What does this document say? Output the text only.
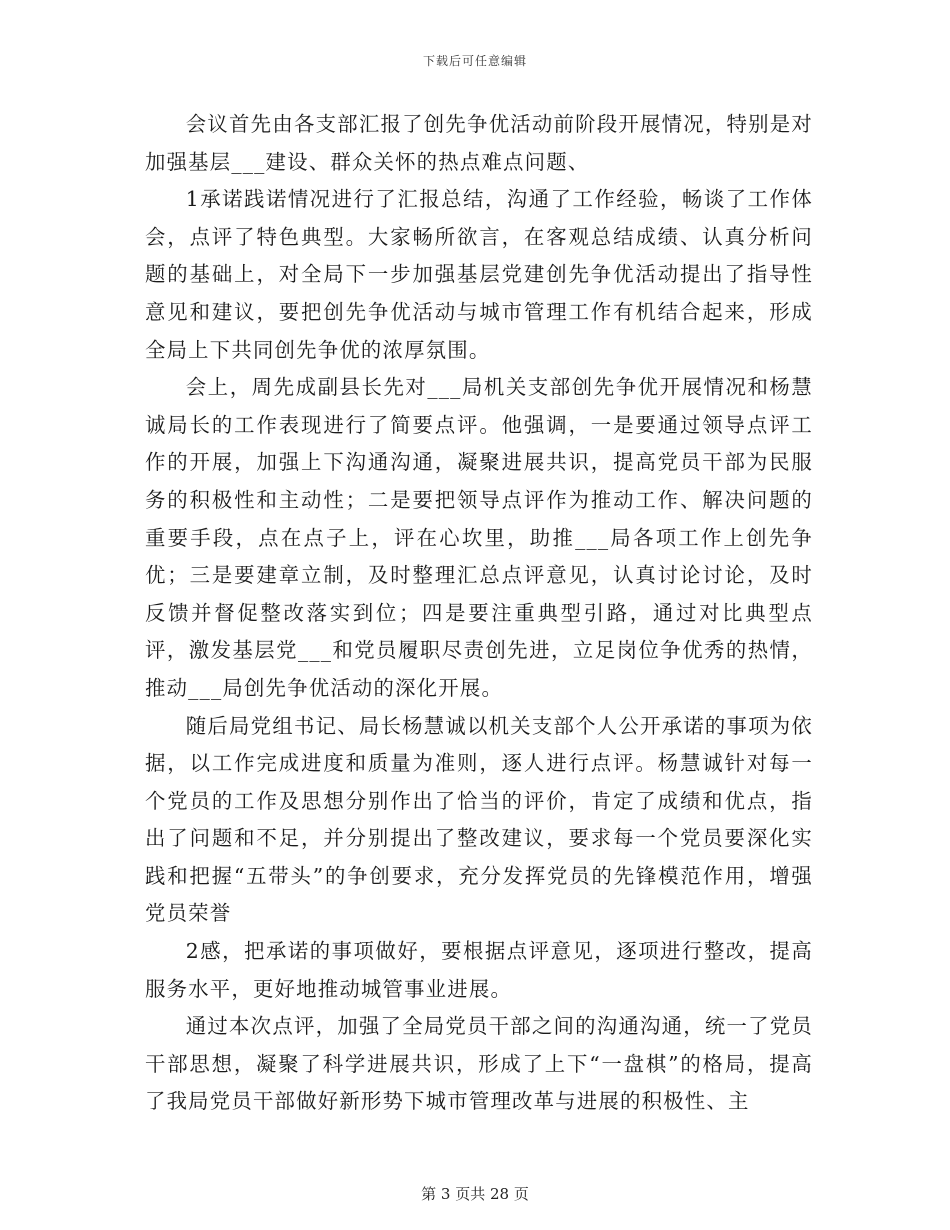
下载后可任意编辑

会议首先由各支部汇报了创先争优活动前阶段开展情况，特别是对加强基层___建设、群众关怀的热点难点问题、

1承诺践诺情况进行了汇报总结，沟通了工作经验，畅谈了工作体会，点评了特色典型。大家畅所欲言，在客观总结成绩、认真分析问题的基础上，对全局下一步加强基层党建创先争优活动提出了指导性意见和建议，要把创先争优活动与城市管理工作有机结合起来，形成全局上下共同创先争优的浓厚氛围。

会上，周先成副县长先对___局机关支部创先争优开展情况和杨慧诚局长的工作表现进行了简要点评。他强调，一是要通过领导点评工作的开展，加强上下沟通沟通，凝聚进展共识，提高党员干部为民服务的积极性和主动性；二是要把领导点评作为推动工作、解决问题的重要手段，点在点子上，评在心坎里，助推___局各项工作上创先争优；三是要建章立制，及时整理汇总点评意见，认真讨论讨论，及时反馈并督促整改落实到位；四是要注重典型引路，通过对比典型点评，激发基层党___和党员履职尽责创先进，立足岗位争优秀的热情，推动___局创先争优活动的深化开展。

随后局党组书记、局长杨慧诚以机关支部个人公开承诺的事项为依据，以工作完成进度和质量为准则，逐人进行点评。杨慧诚针对每一个党员的工作及思想分别作出了恰当的评价，肯定了成绩和优点，指出了问题和不足，并分别提出了整改建议，要求每一个党员要深化实践和把握“五带头”的争创要求，充分发挥党员的先锋模范作用，增强党员荣誉

2感，把承诺的事项做好，要根据点评意见，逐项进行整改，提高服务水平，更好地推动城管事业进展。

通过本次点评，加强了全局党员干部之间的沟通沟通，统一了党员干部思想，凝聚了科学进展共识，形成了上下“一盘棋”的格局，提高了我局党员干部做好新形势下城市管理改革与进展的积极性、主

第 3 页共 28 页
